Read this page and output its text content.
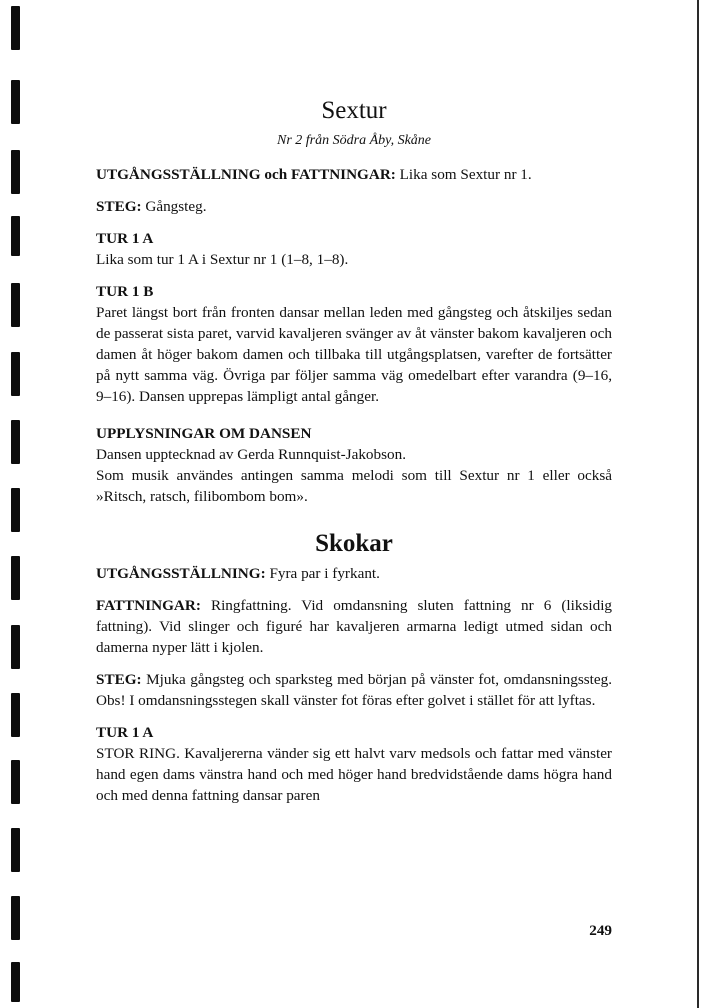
Sextur
Nr 2 från Södra Åby, Skåne

UTGÅNGSSTÄLLNING och FATTNINGAR: Lika som Sextur nr 1.

STEG: Gångsteg.

TUR 1 A
Lika som tur 1 A i Sextur nr 1 (1–8, 1–8).
TUR 1 B
Paret längst bort från fronten dansar mellan leden med gångsteg och åtskiljes sedan de passerat sista paret, varvid kavaljeren svänger av åt vänster bakom kavaljeren och damen åt höger bakom damen och tillbaka till utgångsplatsen, varefter de fortsätter på nytt samma väg. Övriga par följer samma väg omedelbart efter varandra (9–16, 9–16). Dansen upprepas lämpligt antal gånger.
UPPLYSNINGAR OM DANSEN
Dansen upptecknad av Gerda Runnquist-Jakobson.
Som musik användes antingen samma melodi som till Sextur nr 1 eller också »Ritsch, ratsch, filibombom bom».
Skokar

UTGÅNGSSTÄLLNING: Fyra par i fyrkant.

FATTNINGAR: Ringfattning. Vid omdansning sluten fattning nr 6 (liksidig fattning). Vid slinger och figuré har kavaljeren armarna ledigt utmed sidan och damerna nyper lätt i kjolen.

STEG: Mjuka gångsteg och sparksteg med början på vänster fot, omdansningssteg. Obs! I omdansningsstegen skall vänster fot föras efter golvet i stället för att lyftas.

TUR 1 A
STOR RING. Kavaljererna vänder sig ett halvt varv medsols och fattar med vänster hand egen dams vänstra hand och med höger hand bredvidstående dams högra hand och med denna fattning dansar paren
249
